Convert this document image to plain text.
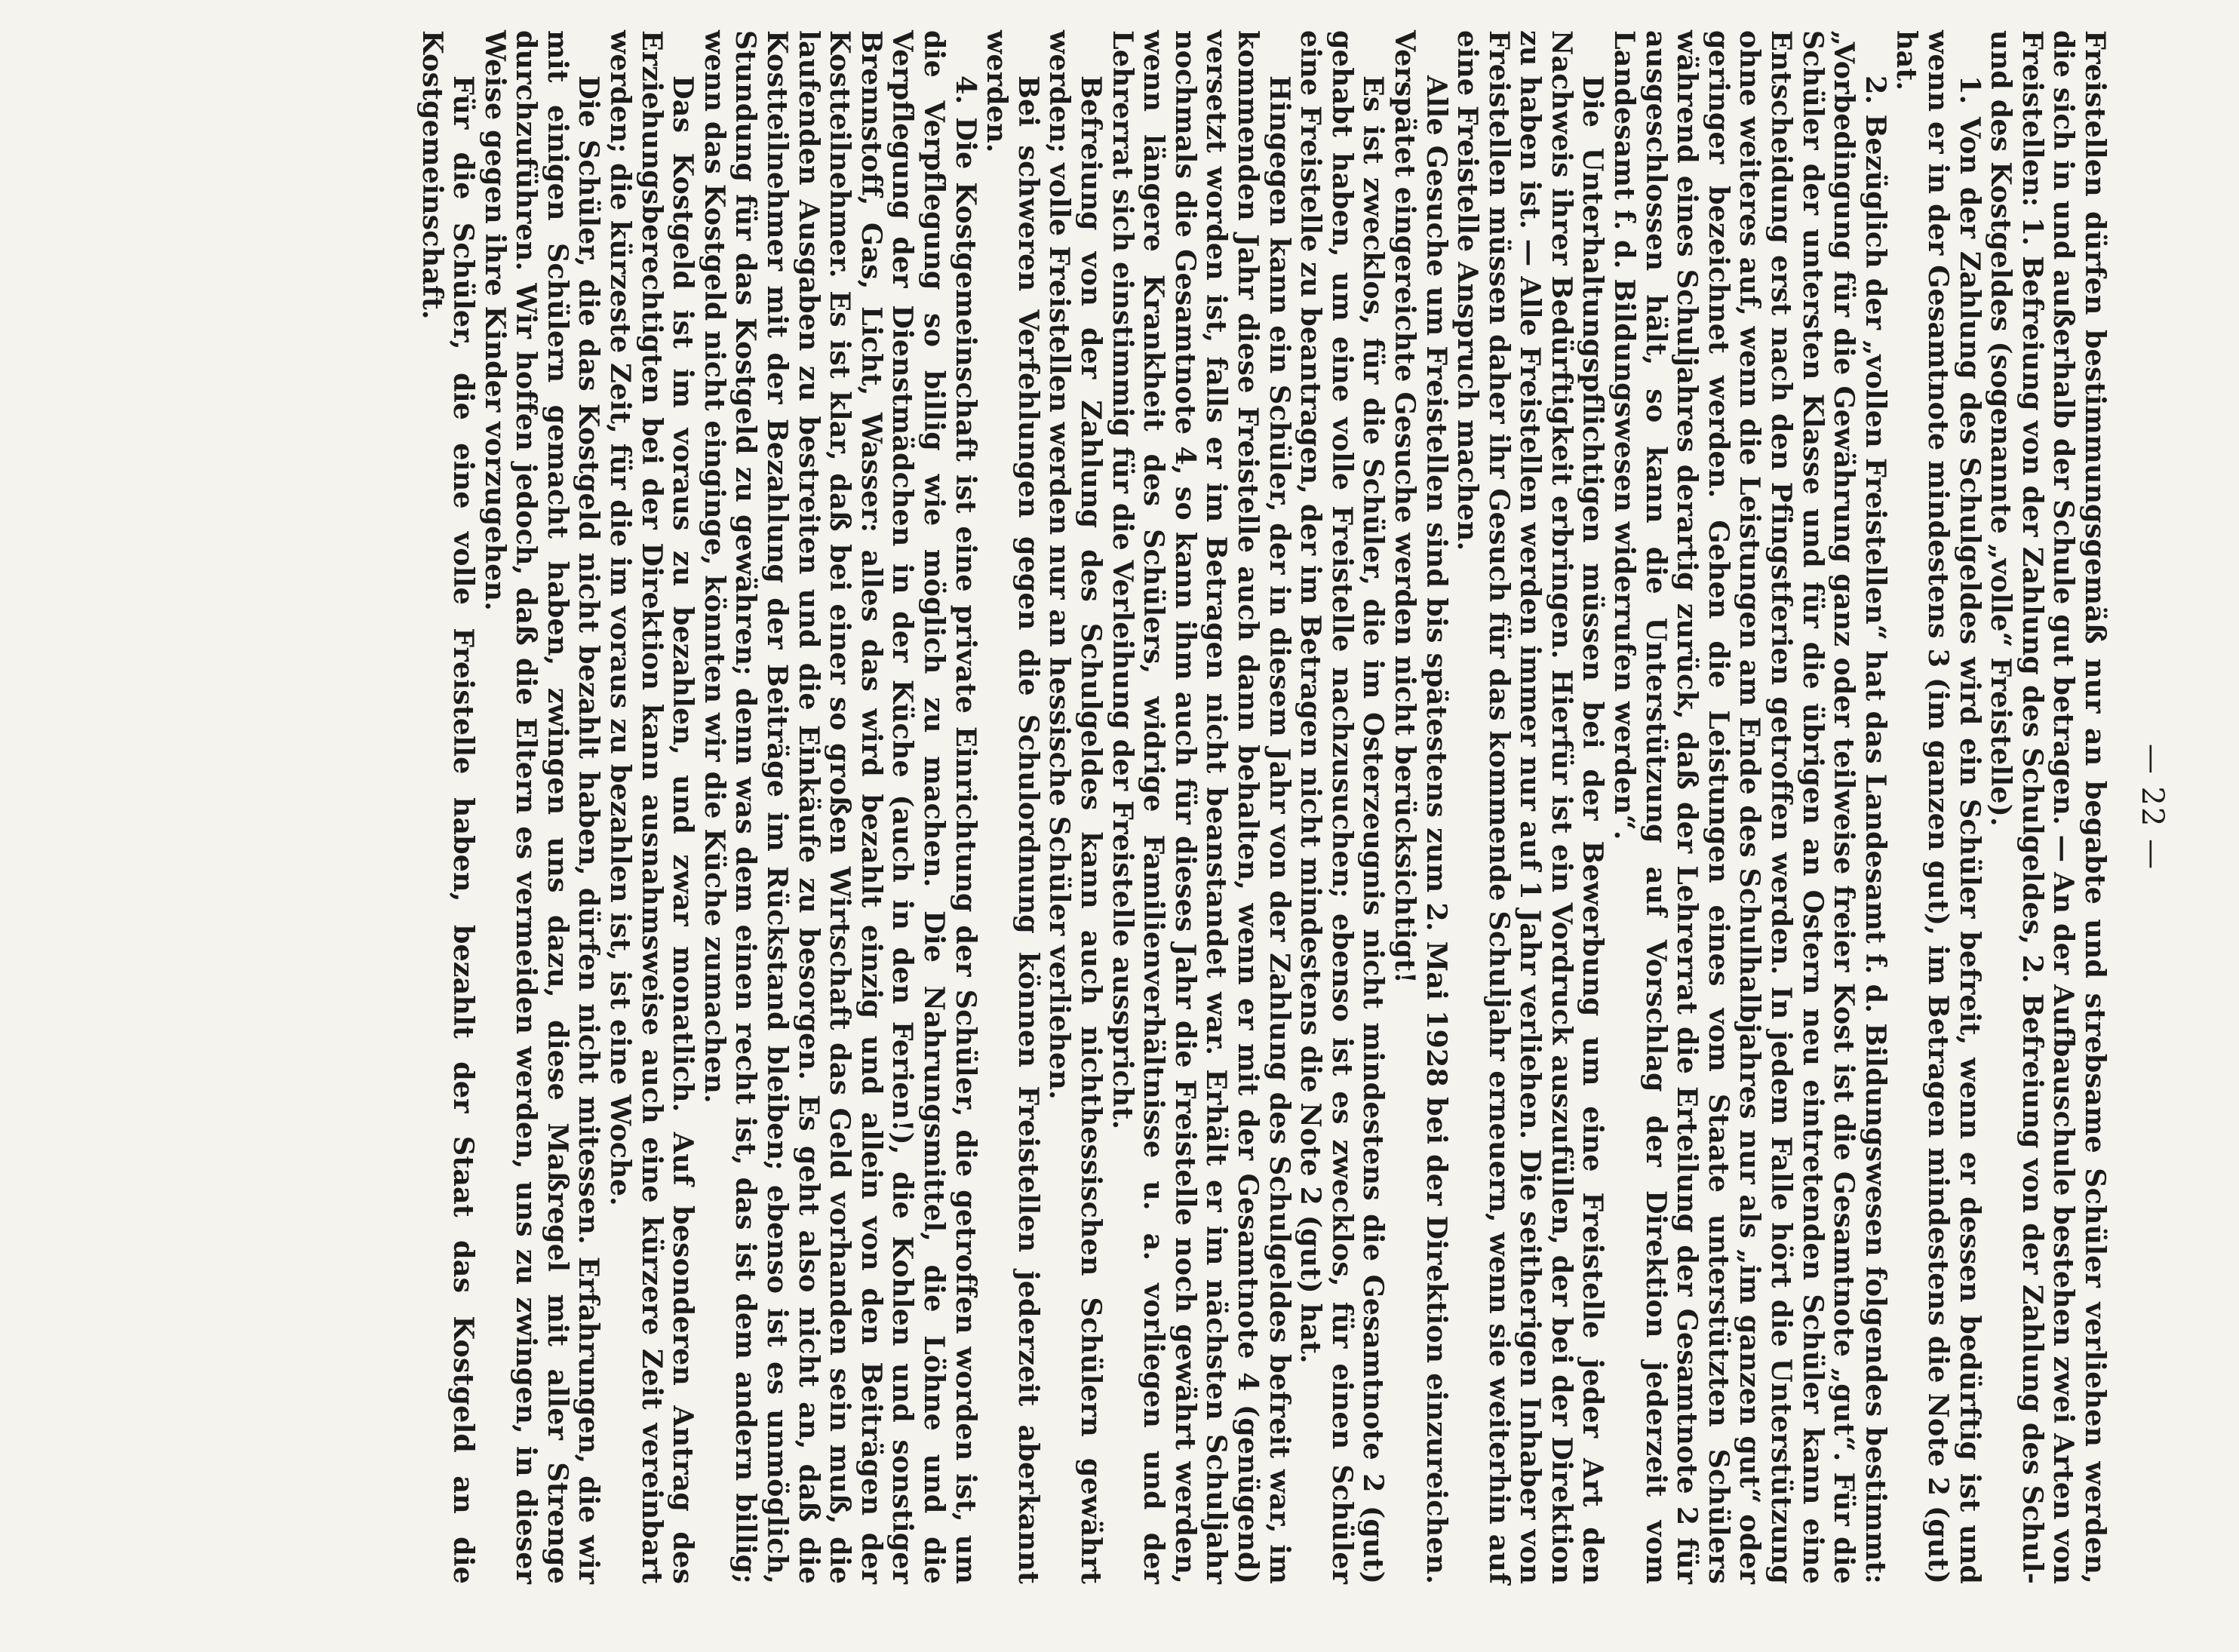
— 22 —

Freistellen dürfen bestimmungsgemäß nur an begabte und strebsame Schüler verliehen werden, die sich in und außerhalb der Schule gut betragen. — An der Aufbauschule bestehen zwei Arten von Freistellen: 1. Befreiung von der Zahlung des Schulgeldes, 2. Befreiung von der Zahlung des Schul- und des Kostgeldes (sogenannte „volle“ Freistelle).

1. Von der Zahlung des Schulgeldes wird ein Schüler befreit, wenn er dessen bedürftig ist und wenn er in der Gesamtnote mindestens 3 (im ganzen gut), im Betragen mindestens die Note 2 (gut) hat.

2. Bezüglich der „vollen Freistellen“ hat das Landesamt f. d. Bildungswesen folgendes bestimmt: „Vorbedingung für die Gewährung ganz oder teilweise freier Kost ist die Gesamtnote „gut“. Für die Schüler der untersten Klasse und für die übrigen an Ostern neu eintretenden Schüler kann eine Entscheidung erst nach den Pfingstferien getroffen werden. In jedem Falle hört die Unterstützung ohne weiteres auf, wenn die Leistungen am Ende des Schulhalbjahres nur als „im ganzen gut“ oder geringer bezeichnet werden. Gehen die Leistungen eines vom Staate unterstützten Schülers während eines Schuljahres derartig zurück, daß der Lehrerrat die Erteilung der Gesamtnote 2 für ausgeschlossen hält, so kann die Unterstützung auf Vorschlag der Direktion jederzeit vom Landesamt f. d. Bildungswesen widerrufen werden“.

Die Unterhaltungspflichtigen müssen bei der Bewerbung um eine Freistelle jeder Art den Nachweis ihrer Bedürftigkeit erbringen. Hierfür ist ein Vordruck auszufüllen, der bei der Direktion zu haben ist. — Alle Freistellen werden immer nur auf 1 Jahr verliehen. Die seitherigen Inhaber von Freistellen müssen daher ihr Gesuch für das kommende Schuljahr erneuern, wenn sie weiterhin auf eine Freistelle Anspruch machen.

Alle Gesuche um Freistellen sind bis spätestens zum 2. Mai 1928 bei der Direktion einzureichen. Verspätet eingereichte Gesuche werden nicht berücksichtigt!

Es ist zwecklos, für die Schüler, die im Osterzeugnis nicht mindestens die Gesamtnote 2 (gut) gehabt haben, um eine volle Freistelle nachzusuchen; ebenso ist es zwecklos, für einen Schüler eine Freistelle zu beantragen, der im Betragen nicht mindestens die Note 2 (gut) hat.

Hingegen kann ein Schüler, der in diesem Jahr von der Zahlung des Schulgeldes befreit war, im kommenden Jahr diese Freistelle auch dann behalten, wenn er mit der Gesamtnote 4 (genügend) versetzt worden ist, falls er im Betragen nicht beanstandet war. Erhält er im nächsten Schuljahr nochmals die Gesamtnote 4, so kann ihm auch für dieses Jahr die Freistelle noch gewährt werden, wenn längere Krankheit des Schülers, widrige Familienverhältnisse u. a. vorliegen und der Lehrerrat sich einstimmig für die Verleihung der Freistelle ausspricht.

Befreiung von der Zahlung des Schulgeldes kann auch nichthessischen Schülern gewährt werden; volle Freistellen werden nur an hessische Schüler verliehen.

Bei schweren Verfehlungen gegen die Schulordnung können Freistellen jederzeit aberkannt werden.

4. Die Kostgemeinschaft ist eine private Einrichtung der Schüler, die getroffen worden ist, um die Verpflegung so billig wie möglich zu machen. Die Nahrungsmittel, die Löhne und die Verpflegung der Dienstmädchen in der Küche (auch in den Ferien!), die Kohlen und sonstiger Brennstoff, Gas, Licht, Wasser: alles das wird bezahlt einzig und allein von den Beiträgen der Kostteilnehmer. Es ist klar, daß bei einer so großen Wirtschaft das Geld vorhanden sein muß, die laufenden Ausgaben zu bestreiten und die Einkäufe zu besorgen. Es geht also nicht an, daß die Kostteilnehmer mit der Bezahlung der Beiträge im Rückstand bleiben; ebenso ist es unmöglich, Stundung für das Kostgeld zu gewähren; denn was dem einen recht ist, das ist dem andern billig; wenn das Kostgeld nicht einginge, könnten wir die Küche zumachen.

Das Kostgeld ist im voraus zu bezahlen, und zwar monatlich. Auf besonderen Antrag des Erziehungsberechtigten bei der Direktion kann ausnahmsweise auch eine kürzere Zeit vereinbart werden; die kürzeste Zeit, für die im voraus zu bezahlen ist, ist eine Woche.

Die Schüler, die das Kostgeld nicht bezahlt haben, dürfen nicht mitessen. Erfahrungen, die wir mit einigen Schülern gemacht haben, zwingen uns dazu, diese Maßregel mit aller Strenge durchzuführen. Wir hoffen jedoch, daß die Eltern es vermeiden werden, uns zu zwingen, in dieser Weise gegen ihre Kinder vorzugehen.

Für die Schüler, die eine volle Freistelle haben, bezahlt der Staat das Kostgeld an die Kostgemeinschaft.
